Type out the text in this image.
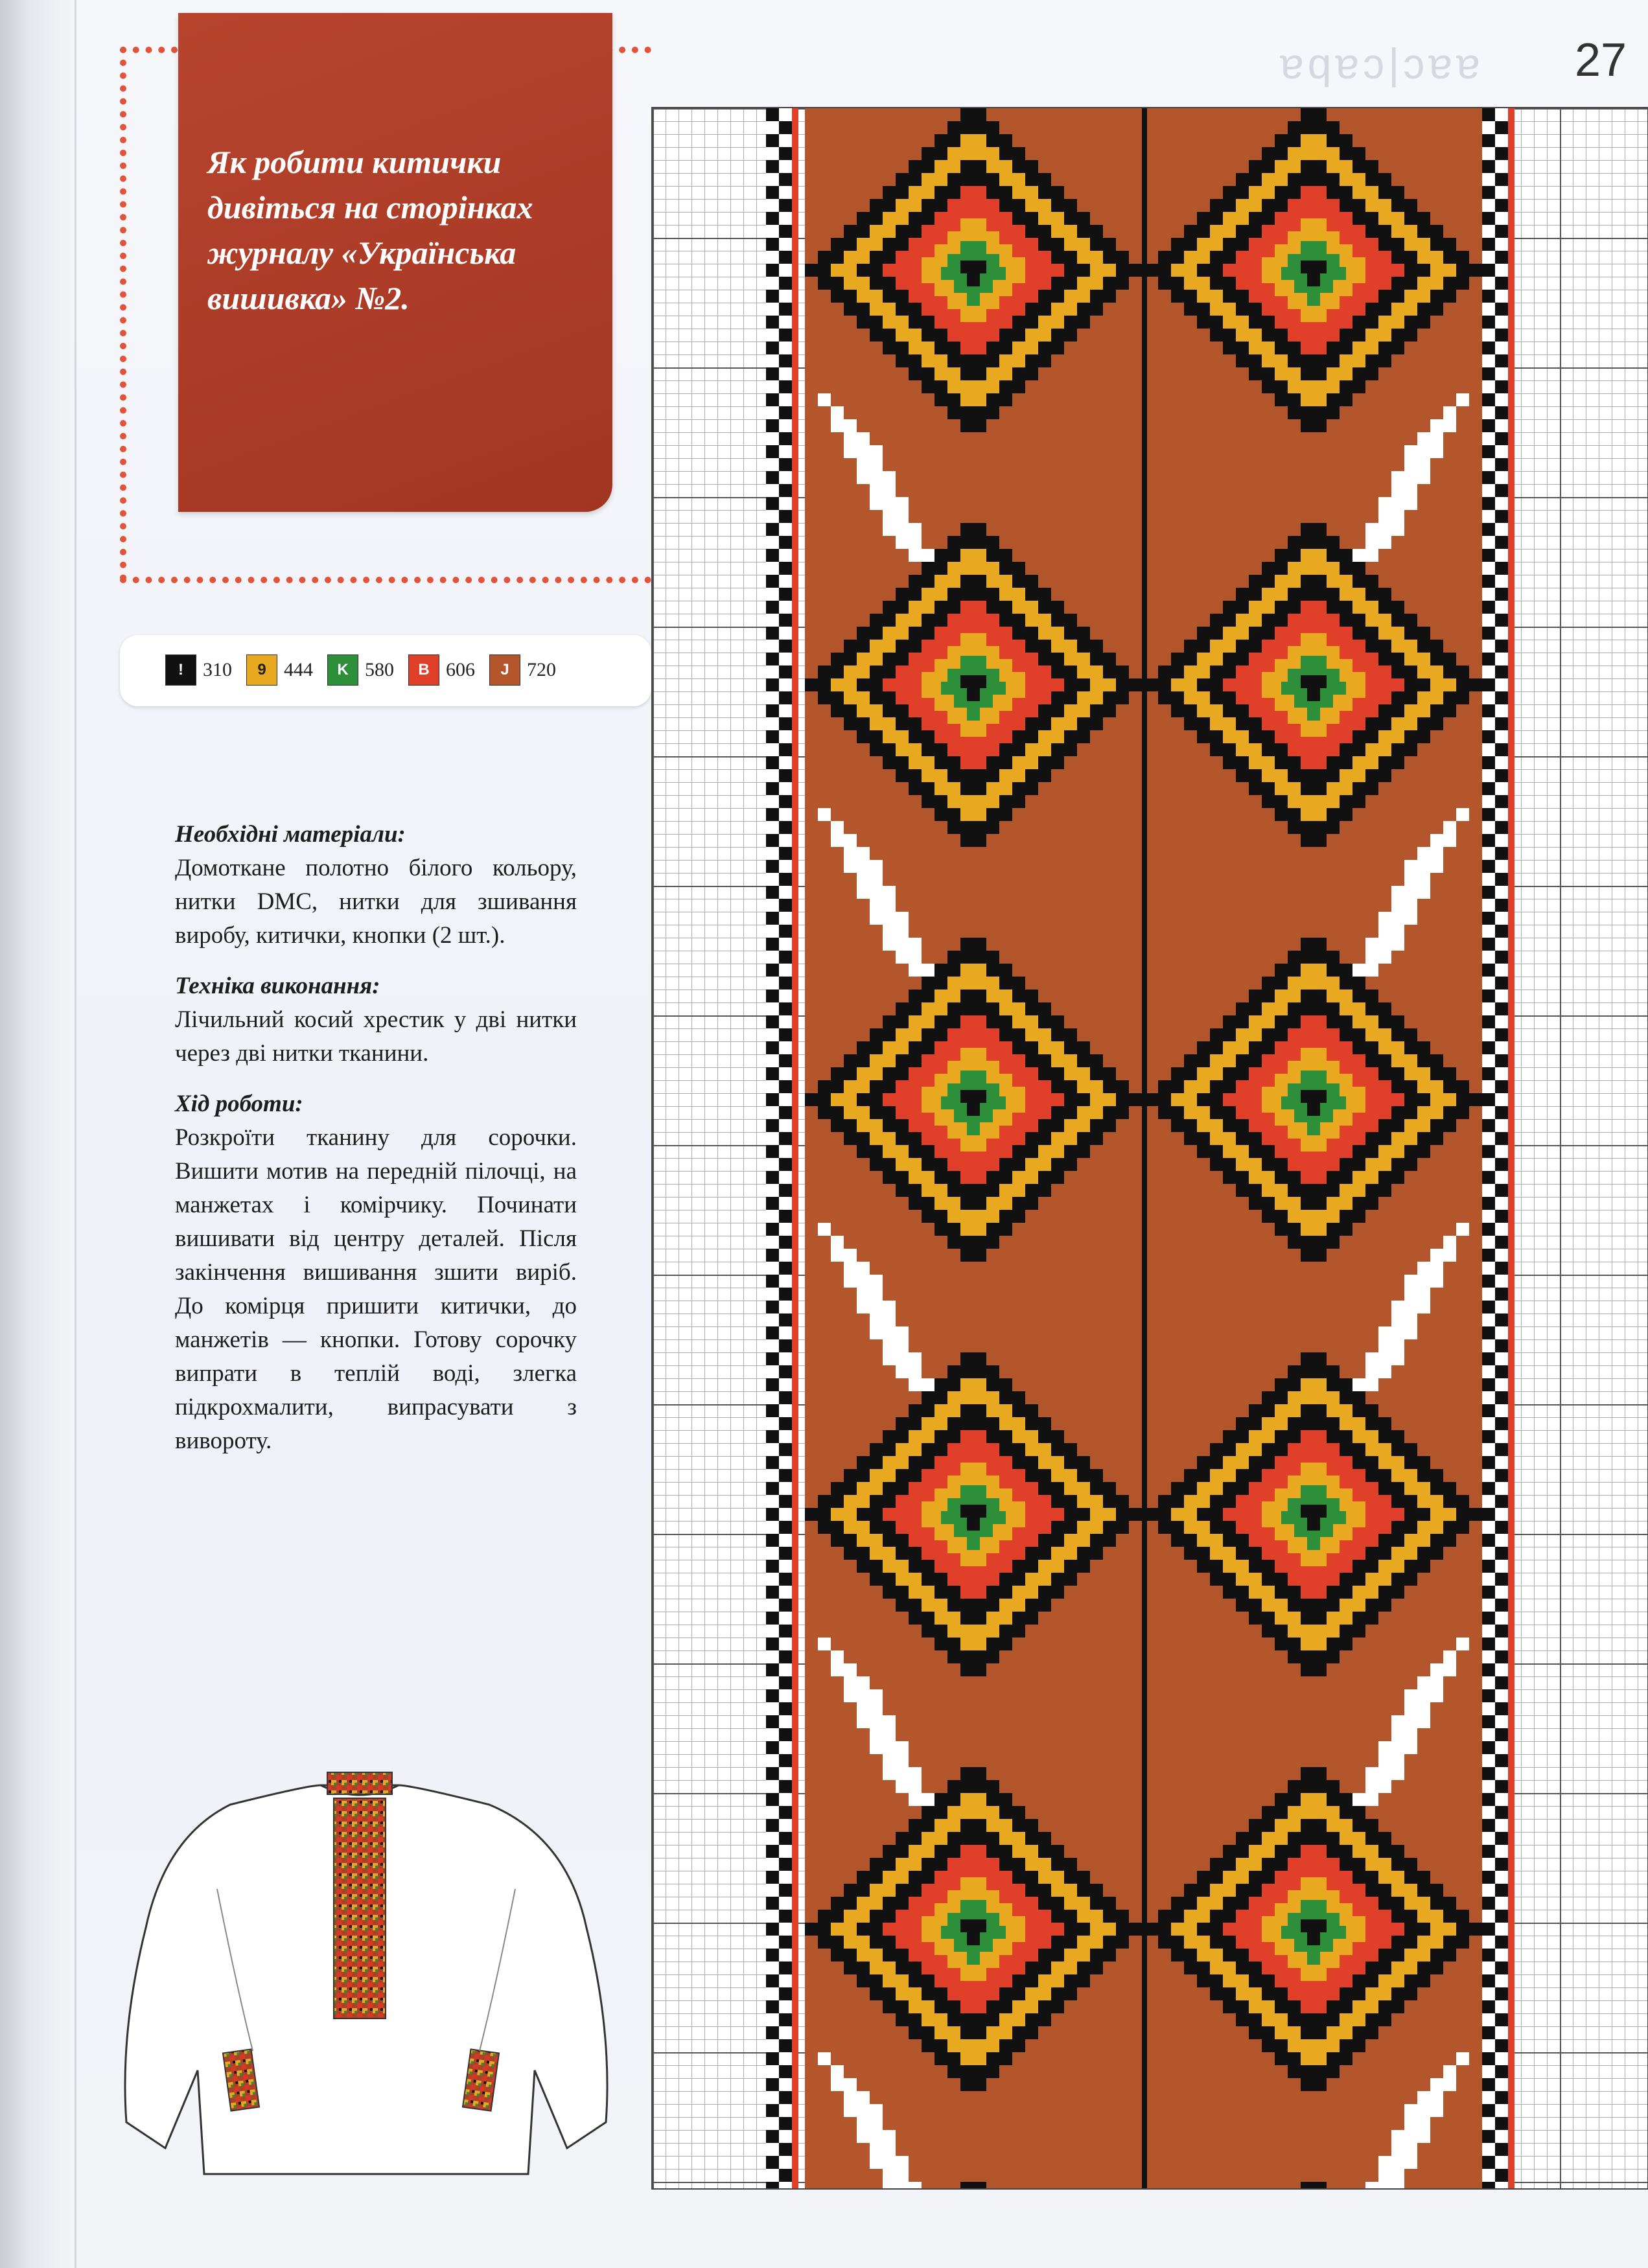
ɐqɐɔ|ɔɐɐ	27
Як робити китички дивіться на сторінках журналу «Українська вишивка» №2.
!	310	9 444	K 580	B 606	J 720
Необхідні матеріали:
Домоткане полотно білого кольору, нитки DMC, нитки для зшивання виробу, китички, кнопки (2 шт.).
Техніка виконання:
Лічильний косий хрестик у дві нитки через дві нитки тканини.
Хід роботи:
Розкроїти тканину для сорочки. Вишити мотив на передній пілочці, на манжетах і комірчику. Починати вишивати від центру деталей. Після закінчення вишивання зшити виріб. До комірця пришити китички, до манжетів — кнопки. Готову сорочку випрати в теплій воді, злегка підкрохмалити, випрасувати з вивороту.
